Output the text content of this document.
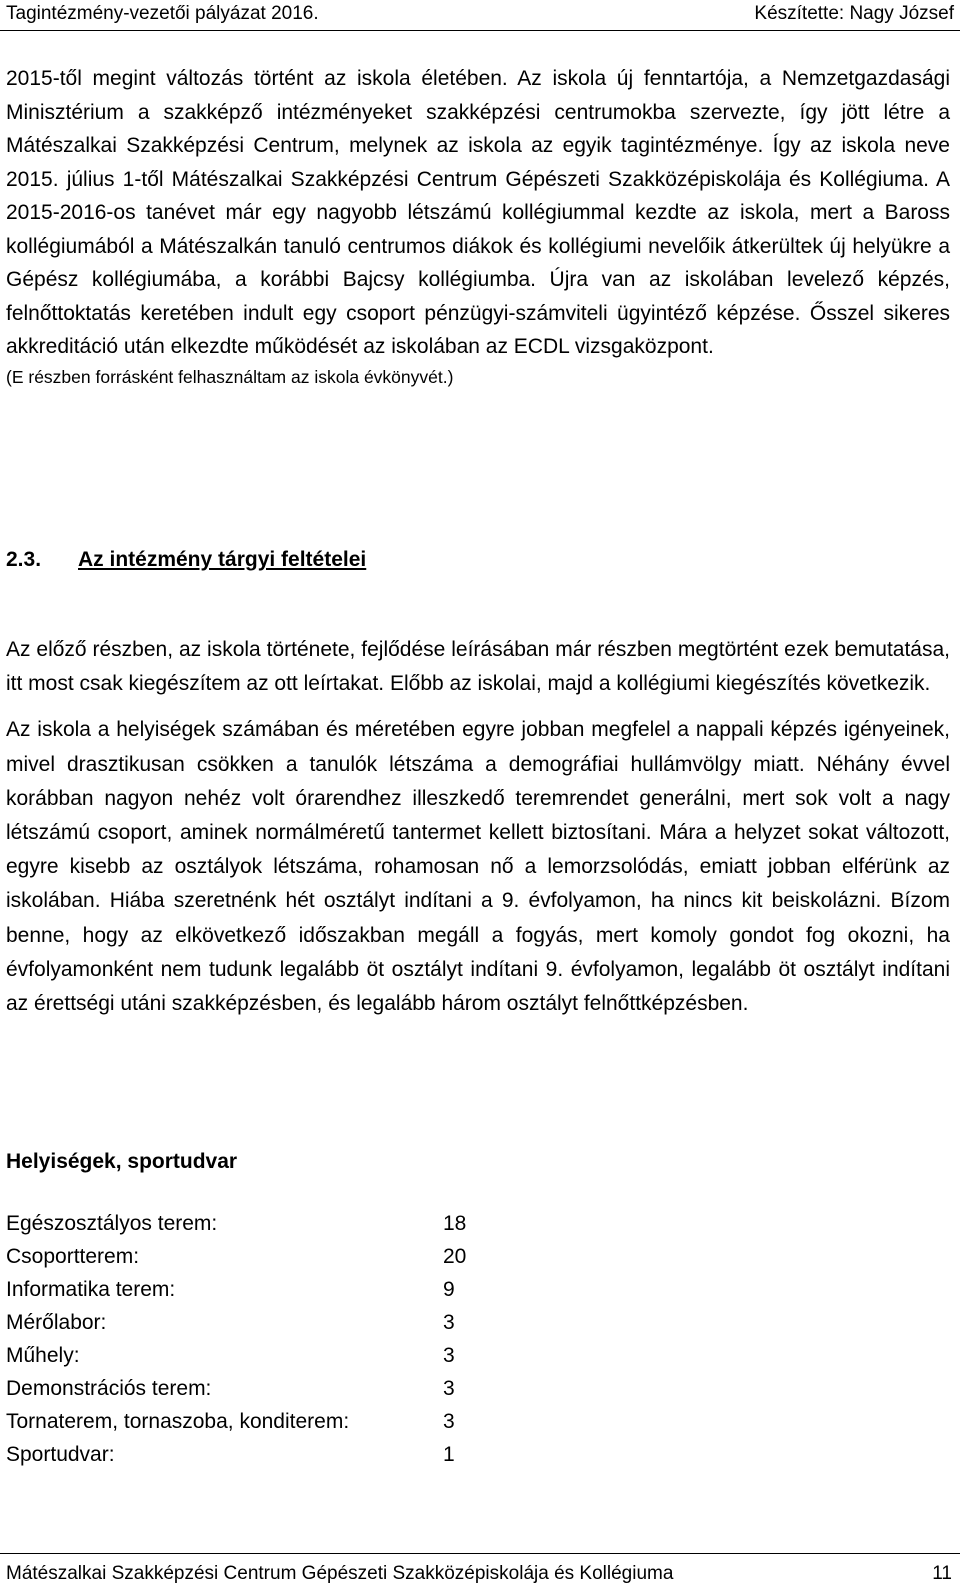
Tagintézmény-vezetői pályázat 2016.	Készítette: Nagy József

2015-től megint változás történt az iskola életében. Az iskola új fenntartója, a Nemzetgazdasági Minisztérium a szakképző intézményeket szakképzési centrumokba szervezte, így jött létre a Mátészalkai Szakképzési Centrum, melynek az iskola az egyik tagintézménye. Így az iskola neve 2015. július 1-től Mátészalkai Szakképzési Centrum Gépészeti Szakközépiskolája és Kollégiuma. A 2015-2016-os tanévet már egy nagyobb létszámú kollégiummal kezdte az iskola, mert a Baross kollégiumából a Mátészalkán tanuló centrumos diákok és kollégiumi nevelőik átkerültek új helyükre a Gépész kollégiumába, a korábbi Bajcsy kollégiumba. Újra van az iskolában levelező képzés, felnőttoktatás keretében indult egy csoport pénzügyi-számviteli ügyintéző képzése. Ősszel sikeres akkreditáció után elkezdte működését az iskolában az ECDL vizsgaközpont.

(E részben forrásként felhasználtam az iskola évkönyvét.)

2.3. Az intézmény tárgyi feltételei

Az előző részben, az iskola története, fejlődése leírásában már részben megtörtént ezek bemutatása, itt most csak kiegészítem az ott leírtakat. Előbb az iskolai, majd a kollégiumi kiegészítés következik.

Az iskola a helyiségek számában és méretében egyre jobban megfelel a nappali képzés igényeinek, mivel drasztikusan csökken a tanulók létszáma a demográfiai hullámvölgy miatt. Néhány évvel korábban nagyon nehéz volt órarendhez illeszkedő teremrendet generálni, mert sok volt a nagy létszámú csoport, aminek normálméretű tantermet kellett biztosítani. Mára a helyzet sokat változott, egyre kisebb az osztályok létszáma, rohamosan nő a lemorzsolódás, emiatt jobban elférünk az iskolában. Hiába szeretnénk hét osztályt indítani a 9. évfolyamon, ha nincs kit beiskolázni. Bízom benne, hogy az elkövetkező időszakban megáll a fogyás, mert komoly gondot fog okozni, ha évfolyamonként nem tudunk legalább öt osztályt indítani 9. évfolyamon, legalább öt osztályt indítani az érettségi utáni szakképzésben, és legalább három osztályt felnőttképzésben.

Helyiségek, sportudvar
Egészosztályos terem:	18
Csoportterem:	20
Informatika terem:	9
Mérőlabor:	3
Műhely:	3
Demonstrációs terem:	3
Tornaterem, tornaszoba, konditerem:	3
Sportudvar:	1
Mátészalkai Szakképzési Centrum Gépészeti Szakközépiskolája és Kollégiuma	11
